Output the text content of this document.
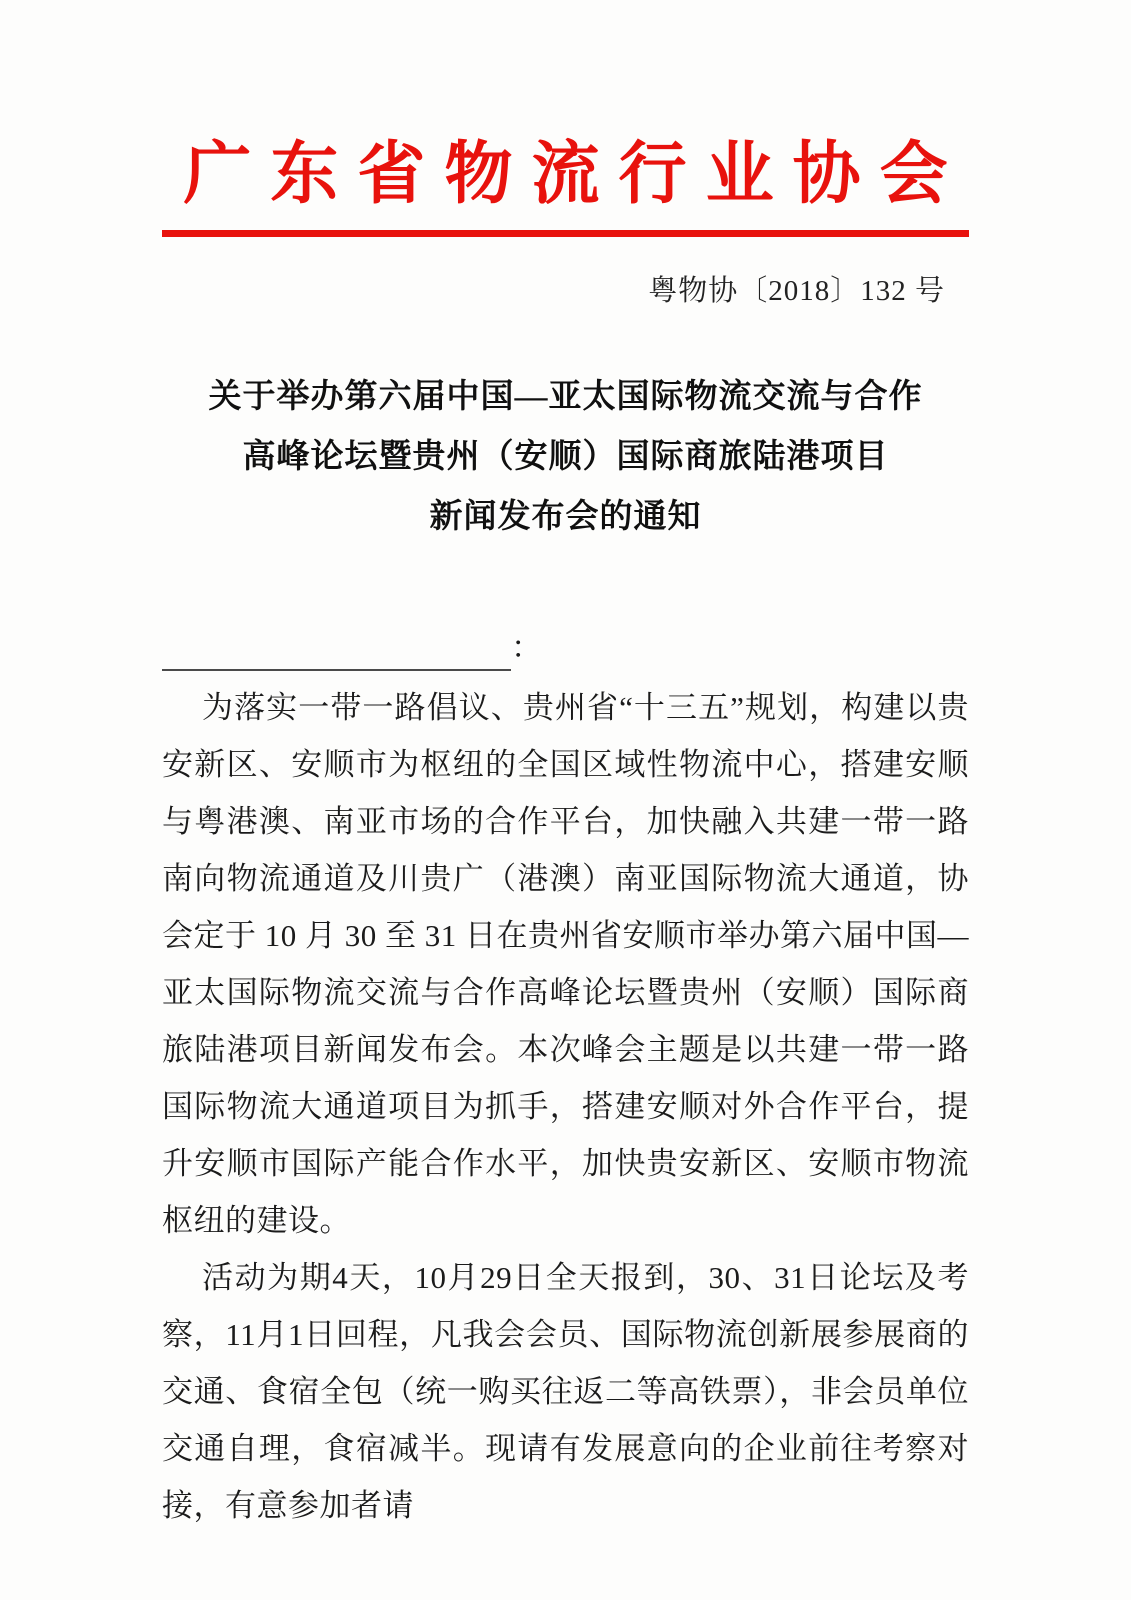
广东省物流行业协会
粤物协〔2018〕132 号
关于举办第六届中国—亚太国际物流交流与合作
高峰论坛暨贵州（安顺）国际商旅陆港项目
新闻发布会的通知
：

为落实一带一路倡议、贵州省“十三五”规划，构建以贵安新区、安顺市为枢纽的全国区域性物流中心，搭建安顺与粤港澳、南亚市场的合作平台，加快融入共建一带一路南向物流通道及川贵广（港澳）南亚国际物流大通道，协会定于 10 月 30 至 31 日在贵州省安顺市举办第六届中国—亚太国际物流交流与合作高峰论坛暨贵州（安顺）国际商旅陆港项目新闻发布会。本次峰会主题是以共建一带一路国际物流大通道项目为抓手，搭建安顺对外合作平台，提升安顺市国际产能合作水平，加快贵安新区、安顺市物流枢纽的建设。

活动为期4天，10月29日全天报到，30、31日论坛及考察，11月1日回程，凡我会会员、国际物流创新展参展商的交通、食宿全包（统一购买往返二等高铁票），非会员单位交通自理，食宿减半。现请有发展意向的企业前往考察对接，有意参加者请
